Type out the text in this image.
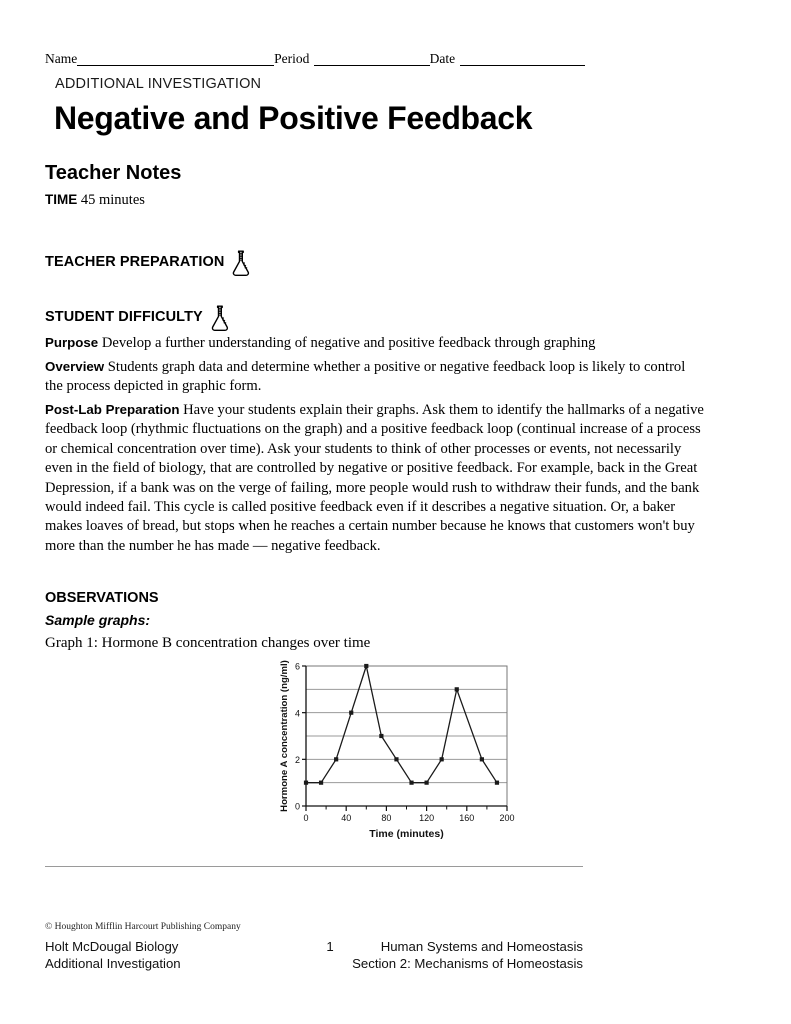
Name	Period	Date
ADDITIONAL INVESTIGATION
Negative and Positive Feedback
Teacher Notes
TIME 45 minutes
TEACHER PREPARATION
STUDENT DIFFICULTY
Purpose Develop a further understanding of negative and positive feedback through graphing
Overview Students graph data and determine whether a positive or negative feedback loop is likely to control the process depicted in graphic form.
Post-Lab Preparation Have your students explain their graphs. Ask them to identify the hallmarks of a negative feedback loop (rhythmic fluctuations on the graph) and a positive feedback loop (continual increase of a process or chemical concentration over time). Ask your students to think of other processes or events, not necessarily even in the field of biology, that are controlled by negative or positive feedback. For example, back in the Great Depression, if a bank was on the verge of failing, more people would rush to withdraw their funds, and the bank would indeed fail. This cycle is called positive feedback even if it describes a negative situation. Or, a baker makes loaves of bread, but stops when he reaches a certain number because he knows that customers won't buy more than the number he has made — negative feedback.
OBSERVATIONS
Sample graphs:
Graph 1: Hormone B concentration changes over time
0
2
4
6
0	40	80	120	160	200
Time (minutes)
Hormone A concentration (ng/ml)
© Houghton Mifflin Harcourt Publishing Company
Holt McDougal Biology	1	Human Systems and Homeostasis
Additional Investigation	Section 2: Mechanisms of Homeostasis
